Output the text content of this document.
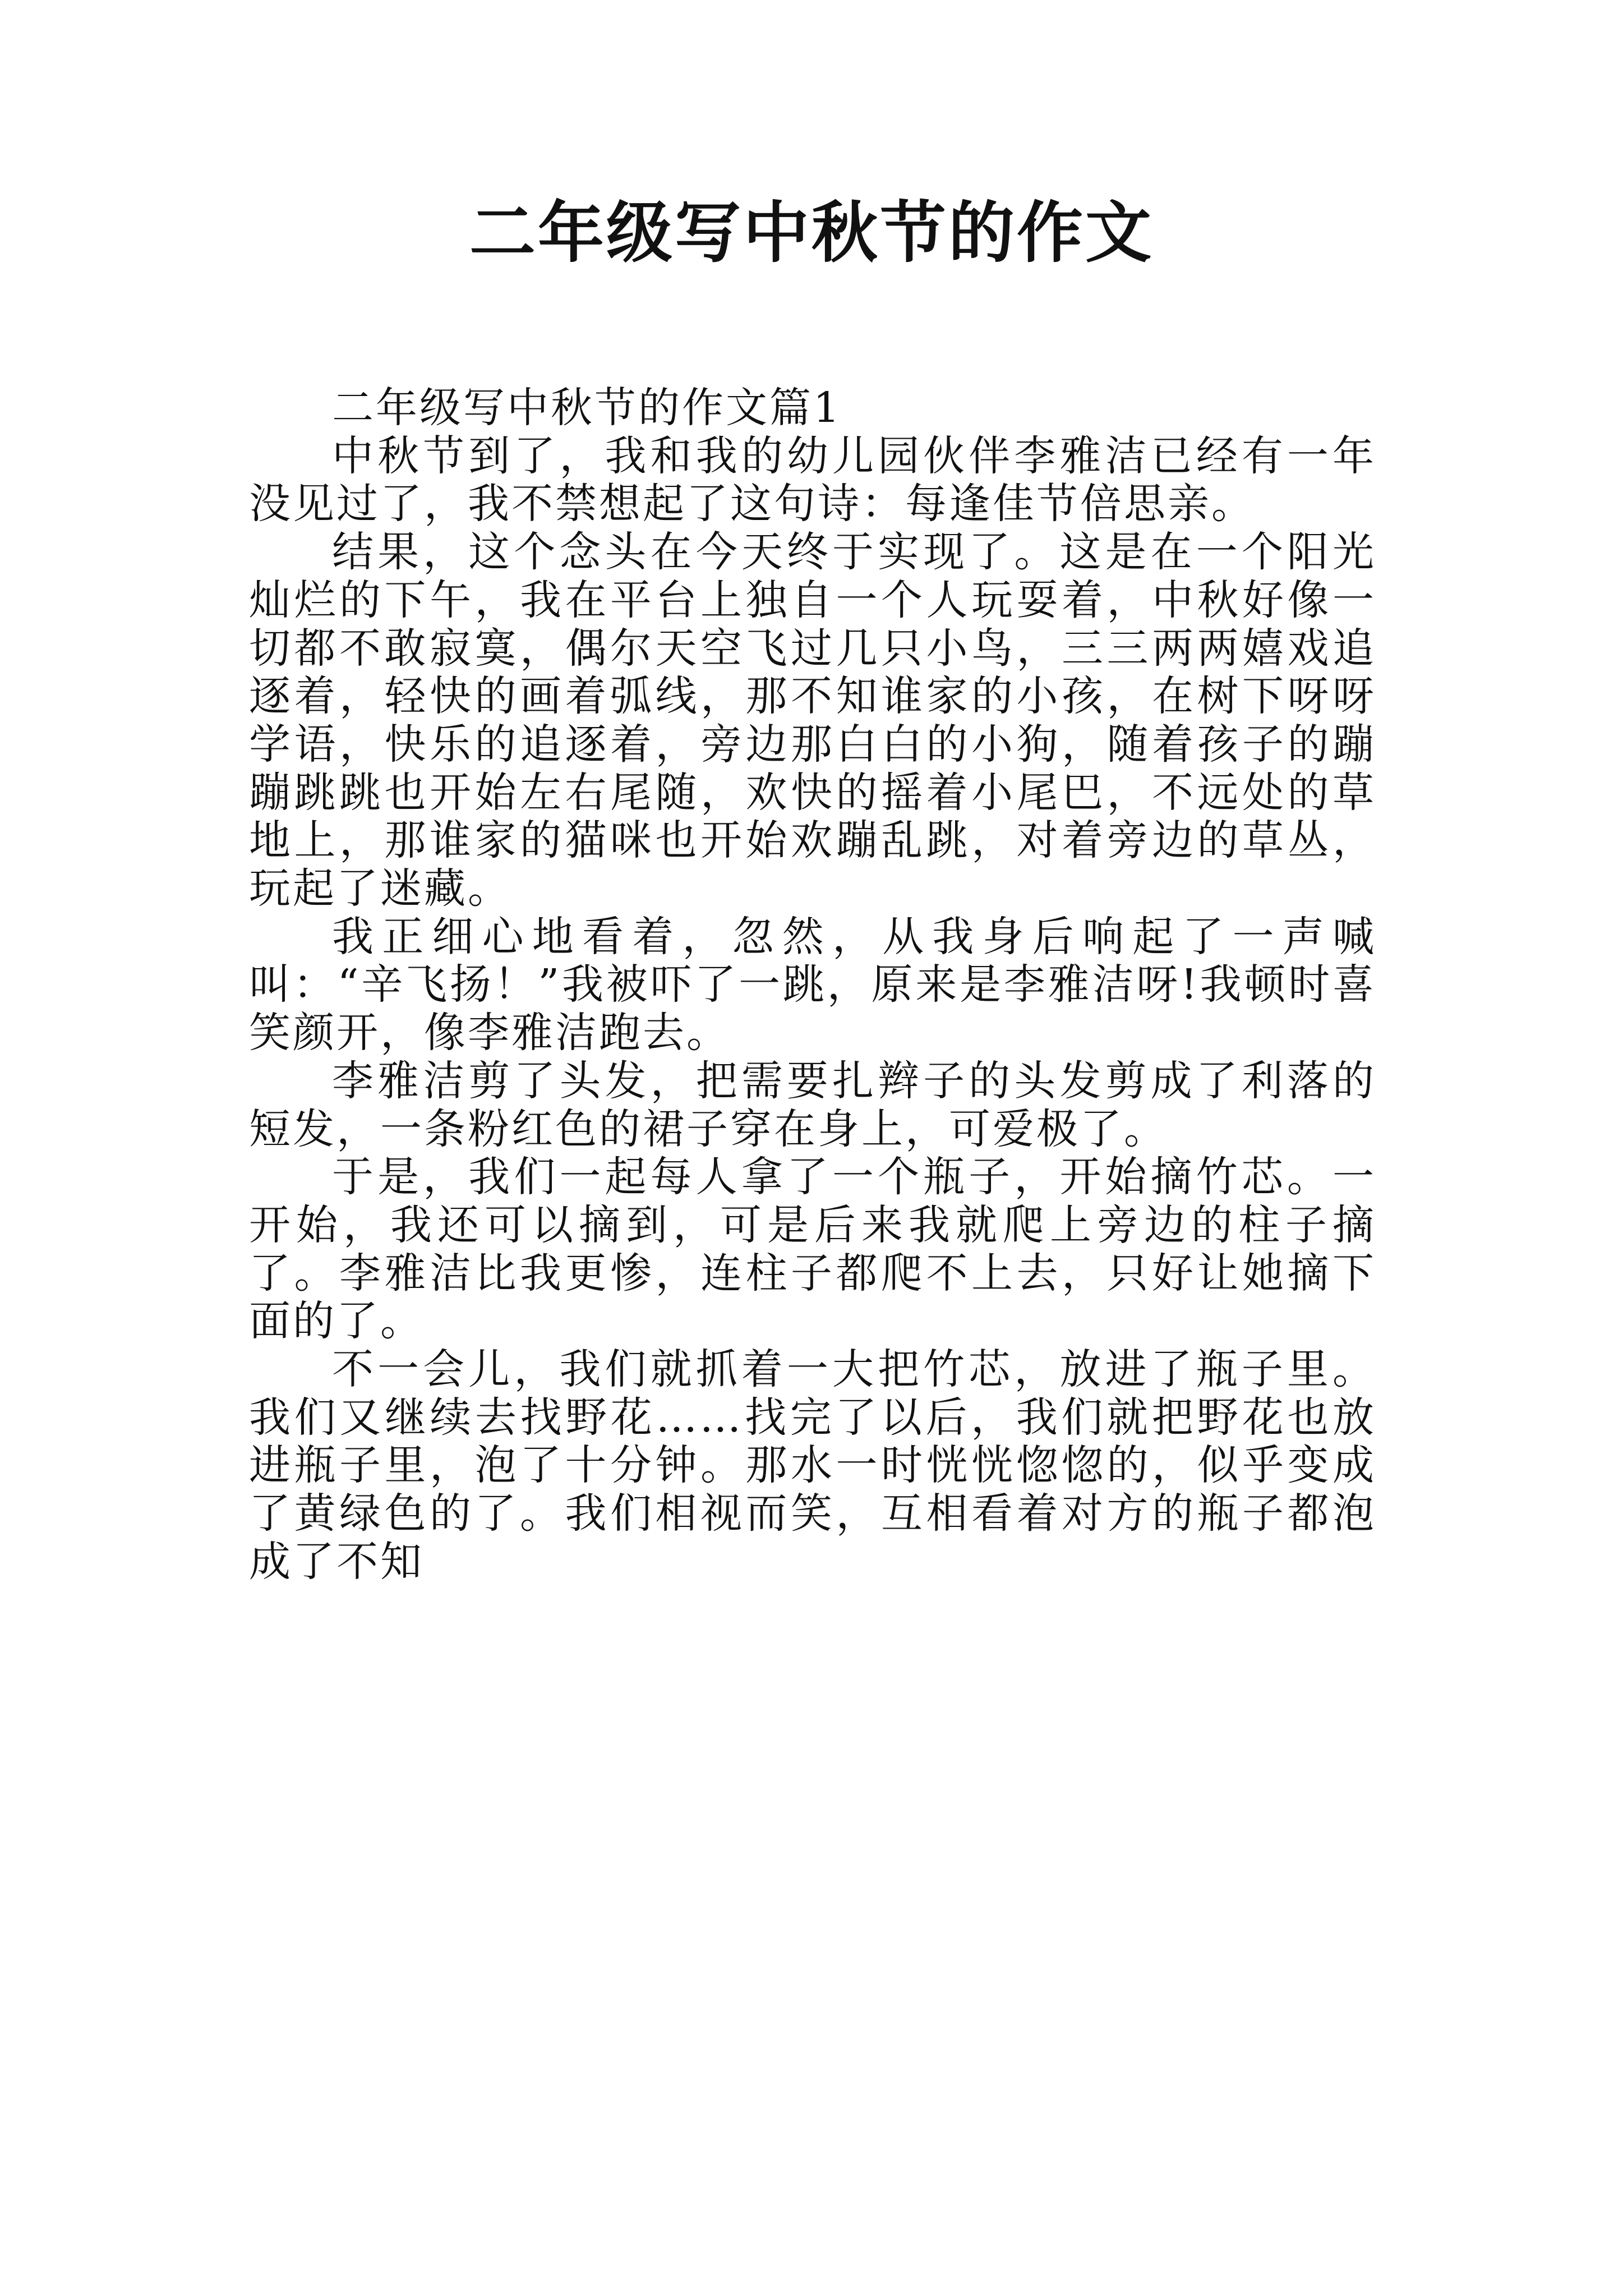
二年级写中秋节的作文

二年级写中秋节的作文篇1

中秋节到了，我和我的幼儿园伙伴李雅洁已经有一年没见过了，我不禁想起了这句诗：每逢佳节倍思亲。

结果，这个念头在今天终于实现了。这是在一个阳光灿烂的下午，我在平台上独自一个人玩耍着，中秋好像一切都不敢寂寞，偶尔天空飞过几只小鸟，三三两两嬉戏追逐着，轻快的画着弧线，那不知谁家的小孩，在树下呀呀学语，快乐的追逐着，旁边那白白的小狗，随着孩子的蹦蹦跳跳也开始左右尾随，欢快的摇着小尾巴，不远处的草地上，那谁家的猫咪也开始欢蹦乱跳，对着旁边的草丛，玩起了迷藏。

我正细心地看着，忽然，从我身后响起了一声喊叫：“辛飞扬！”我被吓了一跳，原来是李雅洁呀!我顿时喜笑颜开，像李雅洁跑去。

李雅洁剪了头发，把需要扎辫子的头发剪成了利落的短发，一条粉红色的裙子穿在身上，可爱极了。

于是，我们一起每人拿了一个瓶子，开始摘竹芯。一开始，我还可以摘到，可是后来我就爬上旁边的柱子摘了。李雅洁比我更惨，连柱子都爬不上去，只好让她摘下面的了。

不一会儿，我们就抓着一大把竹芯，放进了瓶子里。我们又继续去找野花……找完了以后，我们就把野花也放进瓶子里，泡了十分钟。那水一时恍恍惚惚的，似乎变成了黄绿色的了。我们相视而笑，互相看着对方的瓶子都泡成了不知
